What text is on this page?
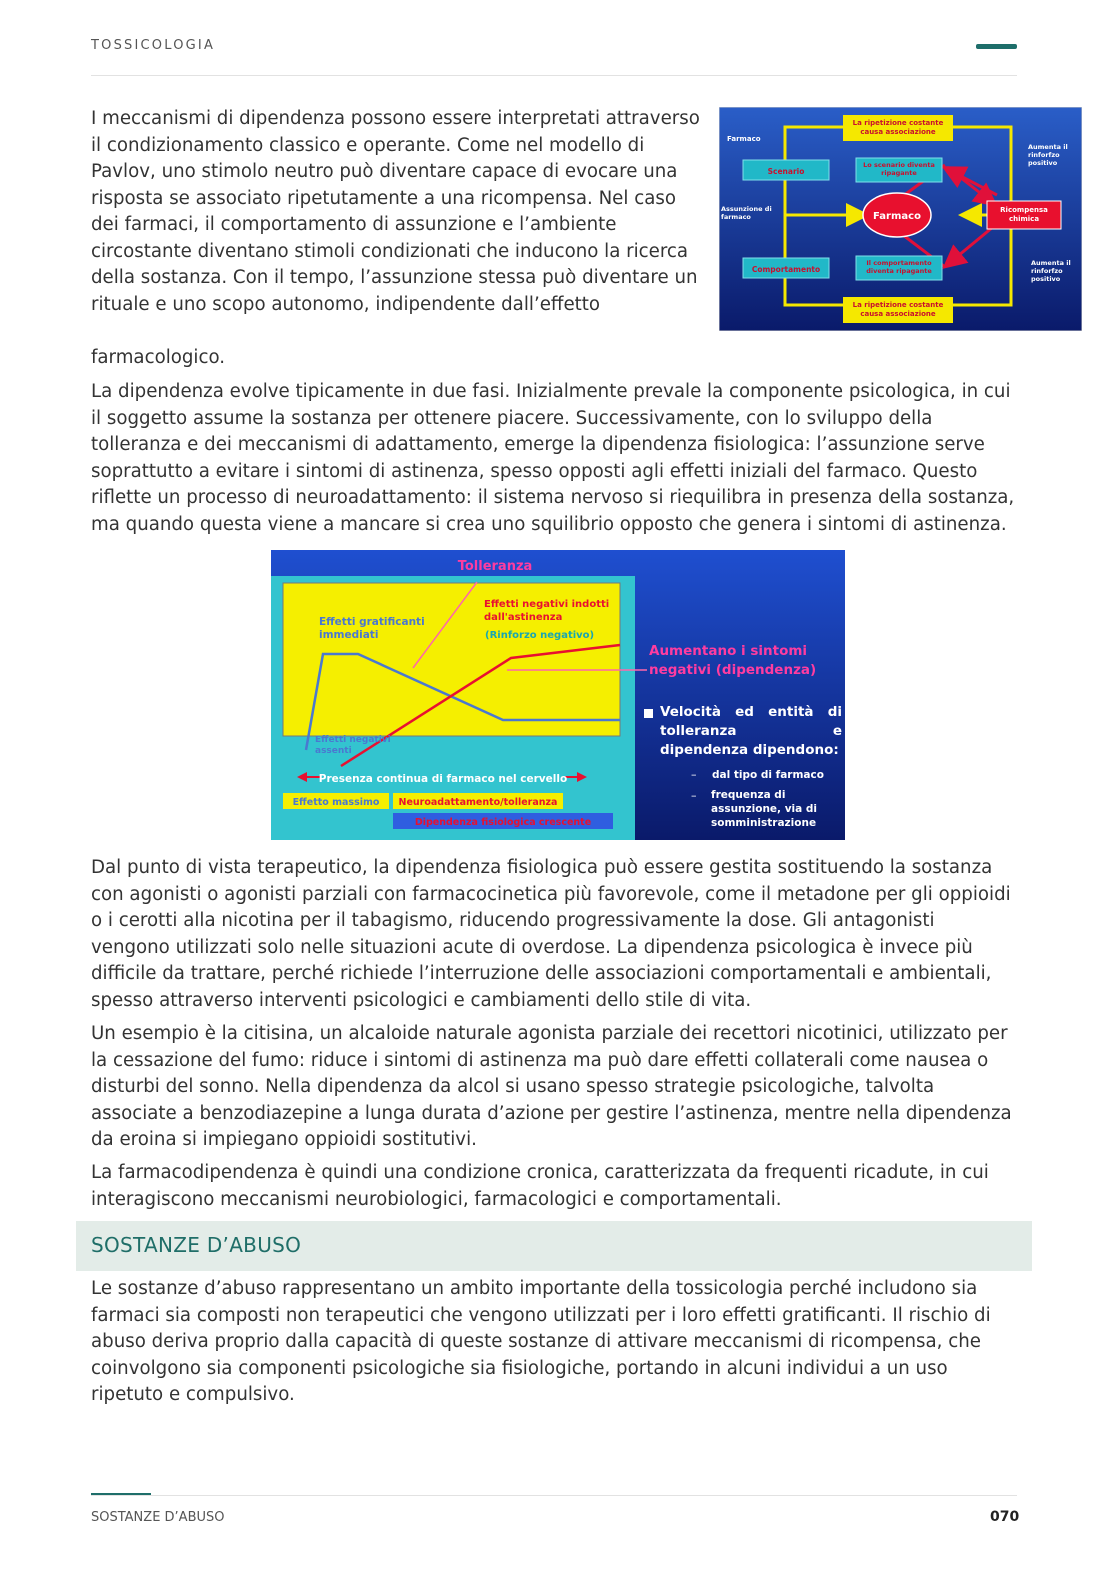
TOSSICOLOGIA

I meccanismi di dipendenza possono essere interpretati attraverso il condizionamento classico e operante. Come nel modello di Pavlov, uno stimolo neutro può diventare capace di evocare una risposta se associato ripetutamente a una ricompensa. Nel caso dei farmaci, il comportamento di assunzione e l’ambiente circostante diventano stimoli condizionati che inducono la ricerca della sostanza. Con il tempo, l’assunzione stessa può diventare un rituale e uno scopo autonomo, indipendente dall’effetto

La ripetizione costante causa associazione
La ripetizione costante causa associazione
Scenario
Comportamento
Lo scenario diventa ripagante
Il comportamento diventa ripagante
Farmaco
Ricompensa chimica
Farmaco
Assunzione di farmaco
Aumenta il rinforfzo positivo
Aumenta il rinforfzo positivo

farmacologico.

La dipendenza evolve tipicamente in due fasi. Inizialmente prevale la componente psicologica, in cui il soggetto assume la sostanza per ottenere piacere. Successivamente, con lo sviluppo della tolleranza e dei meccanismi di adattamento, emerge la dipendenza fisiologica: l’assunzione serve soprattutto a evitare i sintomi di astinenza, spesso opposti agli effetti iniziali del farmaco. Questo riflette un processo di neuroadattamento: il sistema nervoso si riequilibra in presenza della sostanza, ma quando questa viene a mancare si crea uno squilibrio opposto che genera i sintomi di astinenza.

Tolleranza
Effetti gratificanti immediati
Effetti negativi indotti dall'astinenza
(Rinforzo negativo)
Effetti negativi assenti
Presenza continua di farmaco nel cervello
Effetto massimo Neuroadattamento/tolleranza
Dipendenza fisiologica crescente
Aumentano i sintomi negativi (dipendenza)
Velocità ed entità di tolleranza e dipendenza dipendono:
– dal tipo di farmaco
– frequenza di assunzione, via di somministrazione

Dal punto di vista terapeutico, la dipendenza fisiologica può essere gestita sostituendo la sostanza con agonisti o agonisti parziali con farmacocinetica più favorevole, come il metadone per gli oppioidi o i cerotti alla nicotina per il tabagismo, riducendo progressivamente la dose. Gli antagonisti vengono utilizzati solo nelle situazioni acute di overdose. La dipendenza psicologica è invece più difficile da trattare, perché richiede l’interruzione delle associazioni comportamentali e ambientali, spesso attraverso interventi psicologici e cambiamenti dello stile di vita.

Un esempio è la citisina, un alcaloide naturale agonista parziale dei recettori nicotinici, utilizzato per la cessazione del fumo: riduce i sintomi di astinenza ma può dare effetti collaterali come nausea o disturbi del sonno. Nella dipendenza da alcol si usano spesso strategie psicologiche, talvolta associate a benzodiazepine a lunga durata d’azione per gestire l’astinenza, mentre nella dipendenza da eroina si impiegano oppioidi sostitutivi.

La farmacodipendenza è quindi una condizione cronica, caratterizzata da frequenti ricadute, in cui interagiscono meccanismi neurobiologici, farmacologici e comportamentali.

SOSTANZE D’ABUSO

Le sostanze d’abuso rappresentano un ambito importante della tossicologia perché includono sia farmaci sia composti non terapeutici che vengono utilizzati per i loro effetti gratificanti. Il rischio di abuso deriva proprio dalla capacità di queste sostanze di attivare meccanismi di ricompensa, che coinvolgono sia componenti psicologiche sia fisiologiche, portando in alcuni individui a un uso ripetuto e compulsivo.

SOSTANZE D’ABUSO	070
